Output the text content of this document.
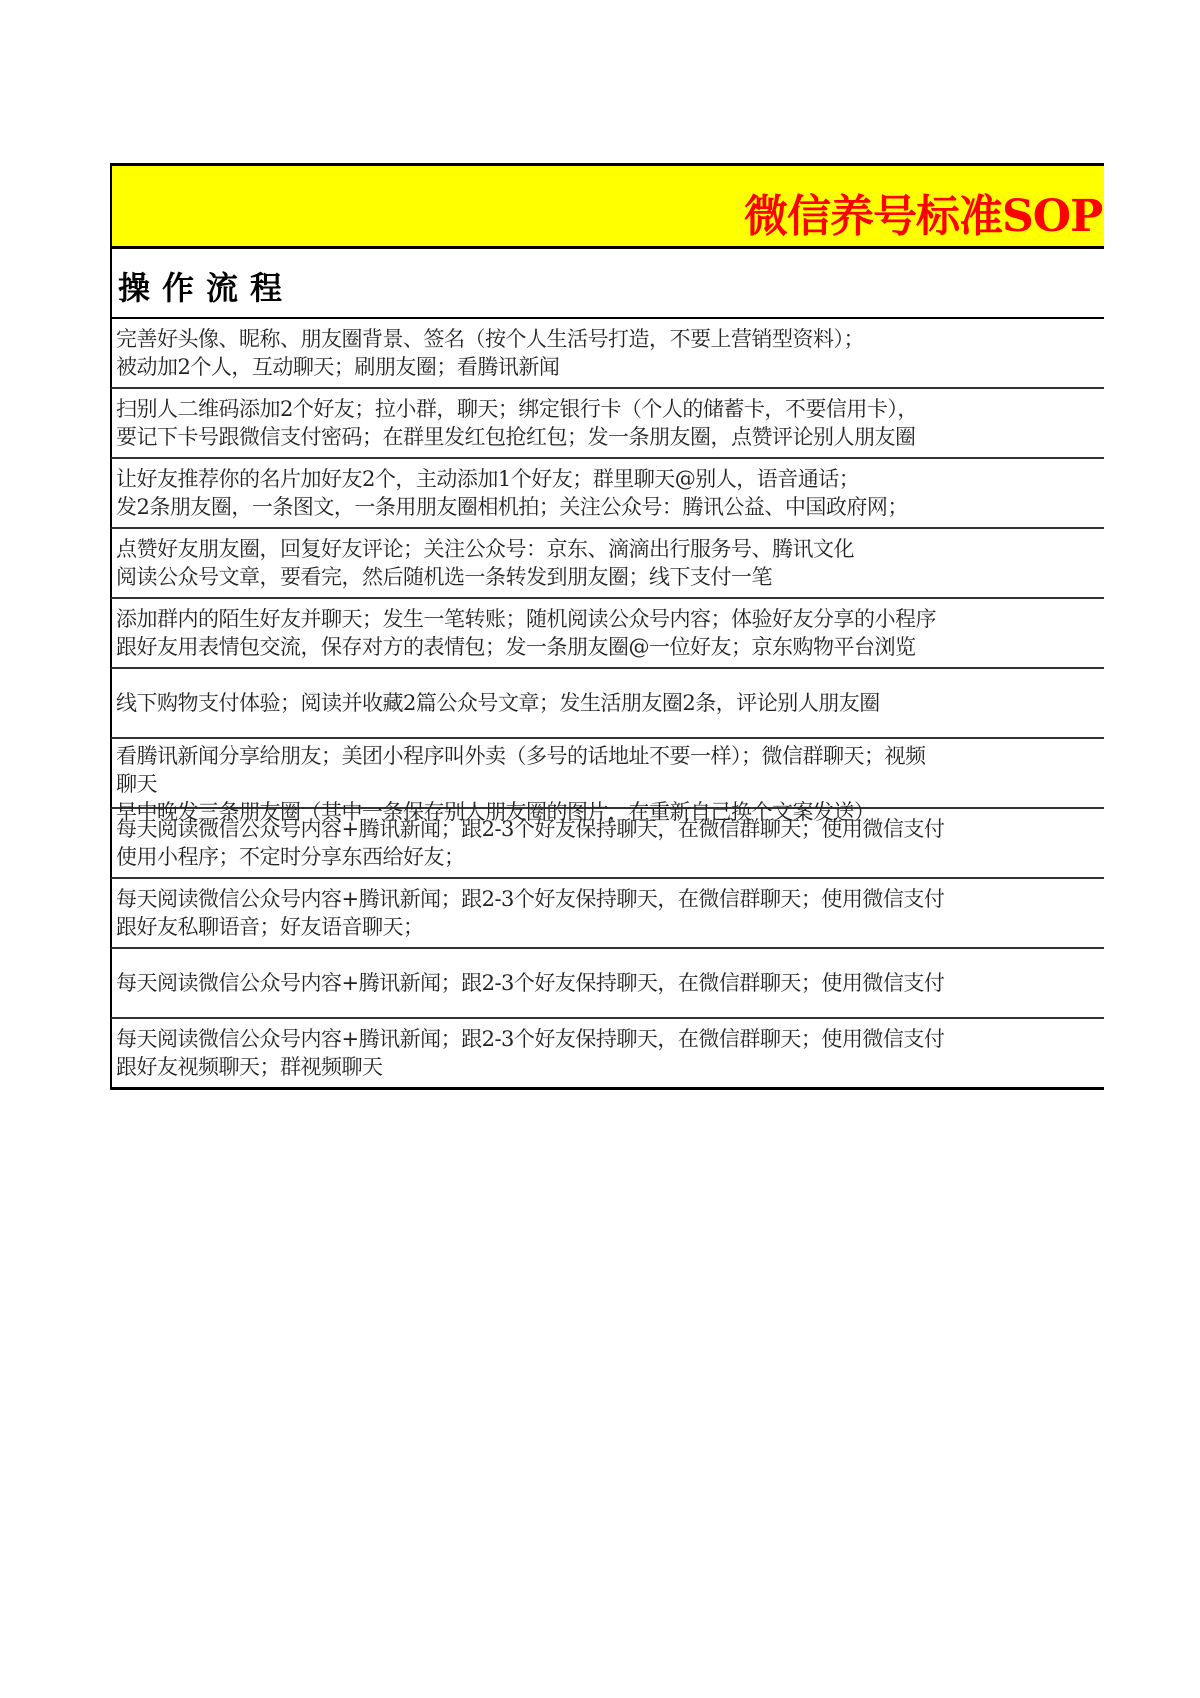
微信养号标准SOP
操作流程
完善好头像、昵称、朋友圈背景、签名（按个人生活号打造，不要上营销型资料）；
被动加2个人，互动聊天；刷朋友圈；看腾讯新闻
扫别人二维码添加2个好友；拉小群，聊天；绑定银行卡（个人的储蓄卡，不要信用卡），
要记下卡号跟微信支付密码；在群里发红包抢红包；发一条朋友圈，点赞评论别人朋友圈
让好友推荐你的名片加好友2个，主动添加1个好友；群里聊天@别人，语音通话；
发2条朋友圈，一条图文，一条用朋友圈相机拍；关注公众号：腾讯公益、中国政府网；
点赞好友朋友圈，回复好友评论；关注公众号：京东、滴滴出行服务号、腾讯文化
阅读公众号文章，要看完，然后随机选一条转发到朋友圈；线下支付一笔
添加群内的陌生好友并聊天；发生一笔转账；随机阅读公众号内容；体验好友分享的小程序
跟好友用表情包交流，保存对方的表情包；发一条朋友圈@一位好友；京东购物平台浏览
线下购物支付体验；阅读并收藏2篇公众号文章；发生活朋友圈2条，评论别人朋友圈
看腾讯新闻分享给朋友；美团小程序叫外卖（多号的话地址不要一样）；微信群聊天；视频
聊天
早中晚发三条朋友圈（其中一条保存别人朋友圈的图片，在重新自己换个文案发送）
每天阅读微信公众号内容+腾讯新闻；跟2-3个好友保持聊天，在微信群聊天；使用微信支付
使用小程序；不定时分享东西给好友；
每天阅读微信公众号内容+腾讯新闻；跟2-3个好友保持聊天，在微信群聊天；使用微信支付
跟好友私聊语音；好友语音聊天；
每天阅读微信公众号内容+腾讯新闻；跟2-3个好友保持聊天，在微信群聊天；使用微信支付
每天阅读微信公众号内容+腾讯新闻；跟2-3个好友保持聊天，在微信群聊天；使用微信支付
跟好友视频聊天；群视频聊天
